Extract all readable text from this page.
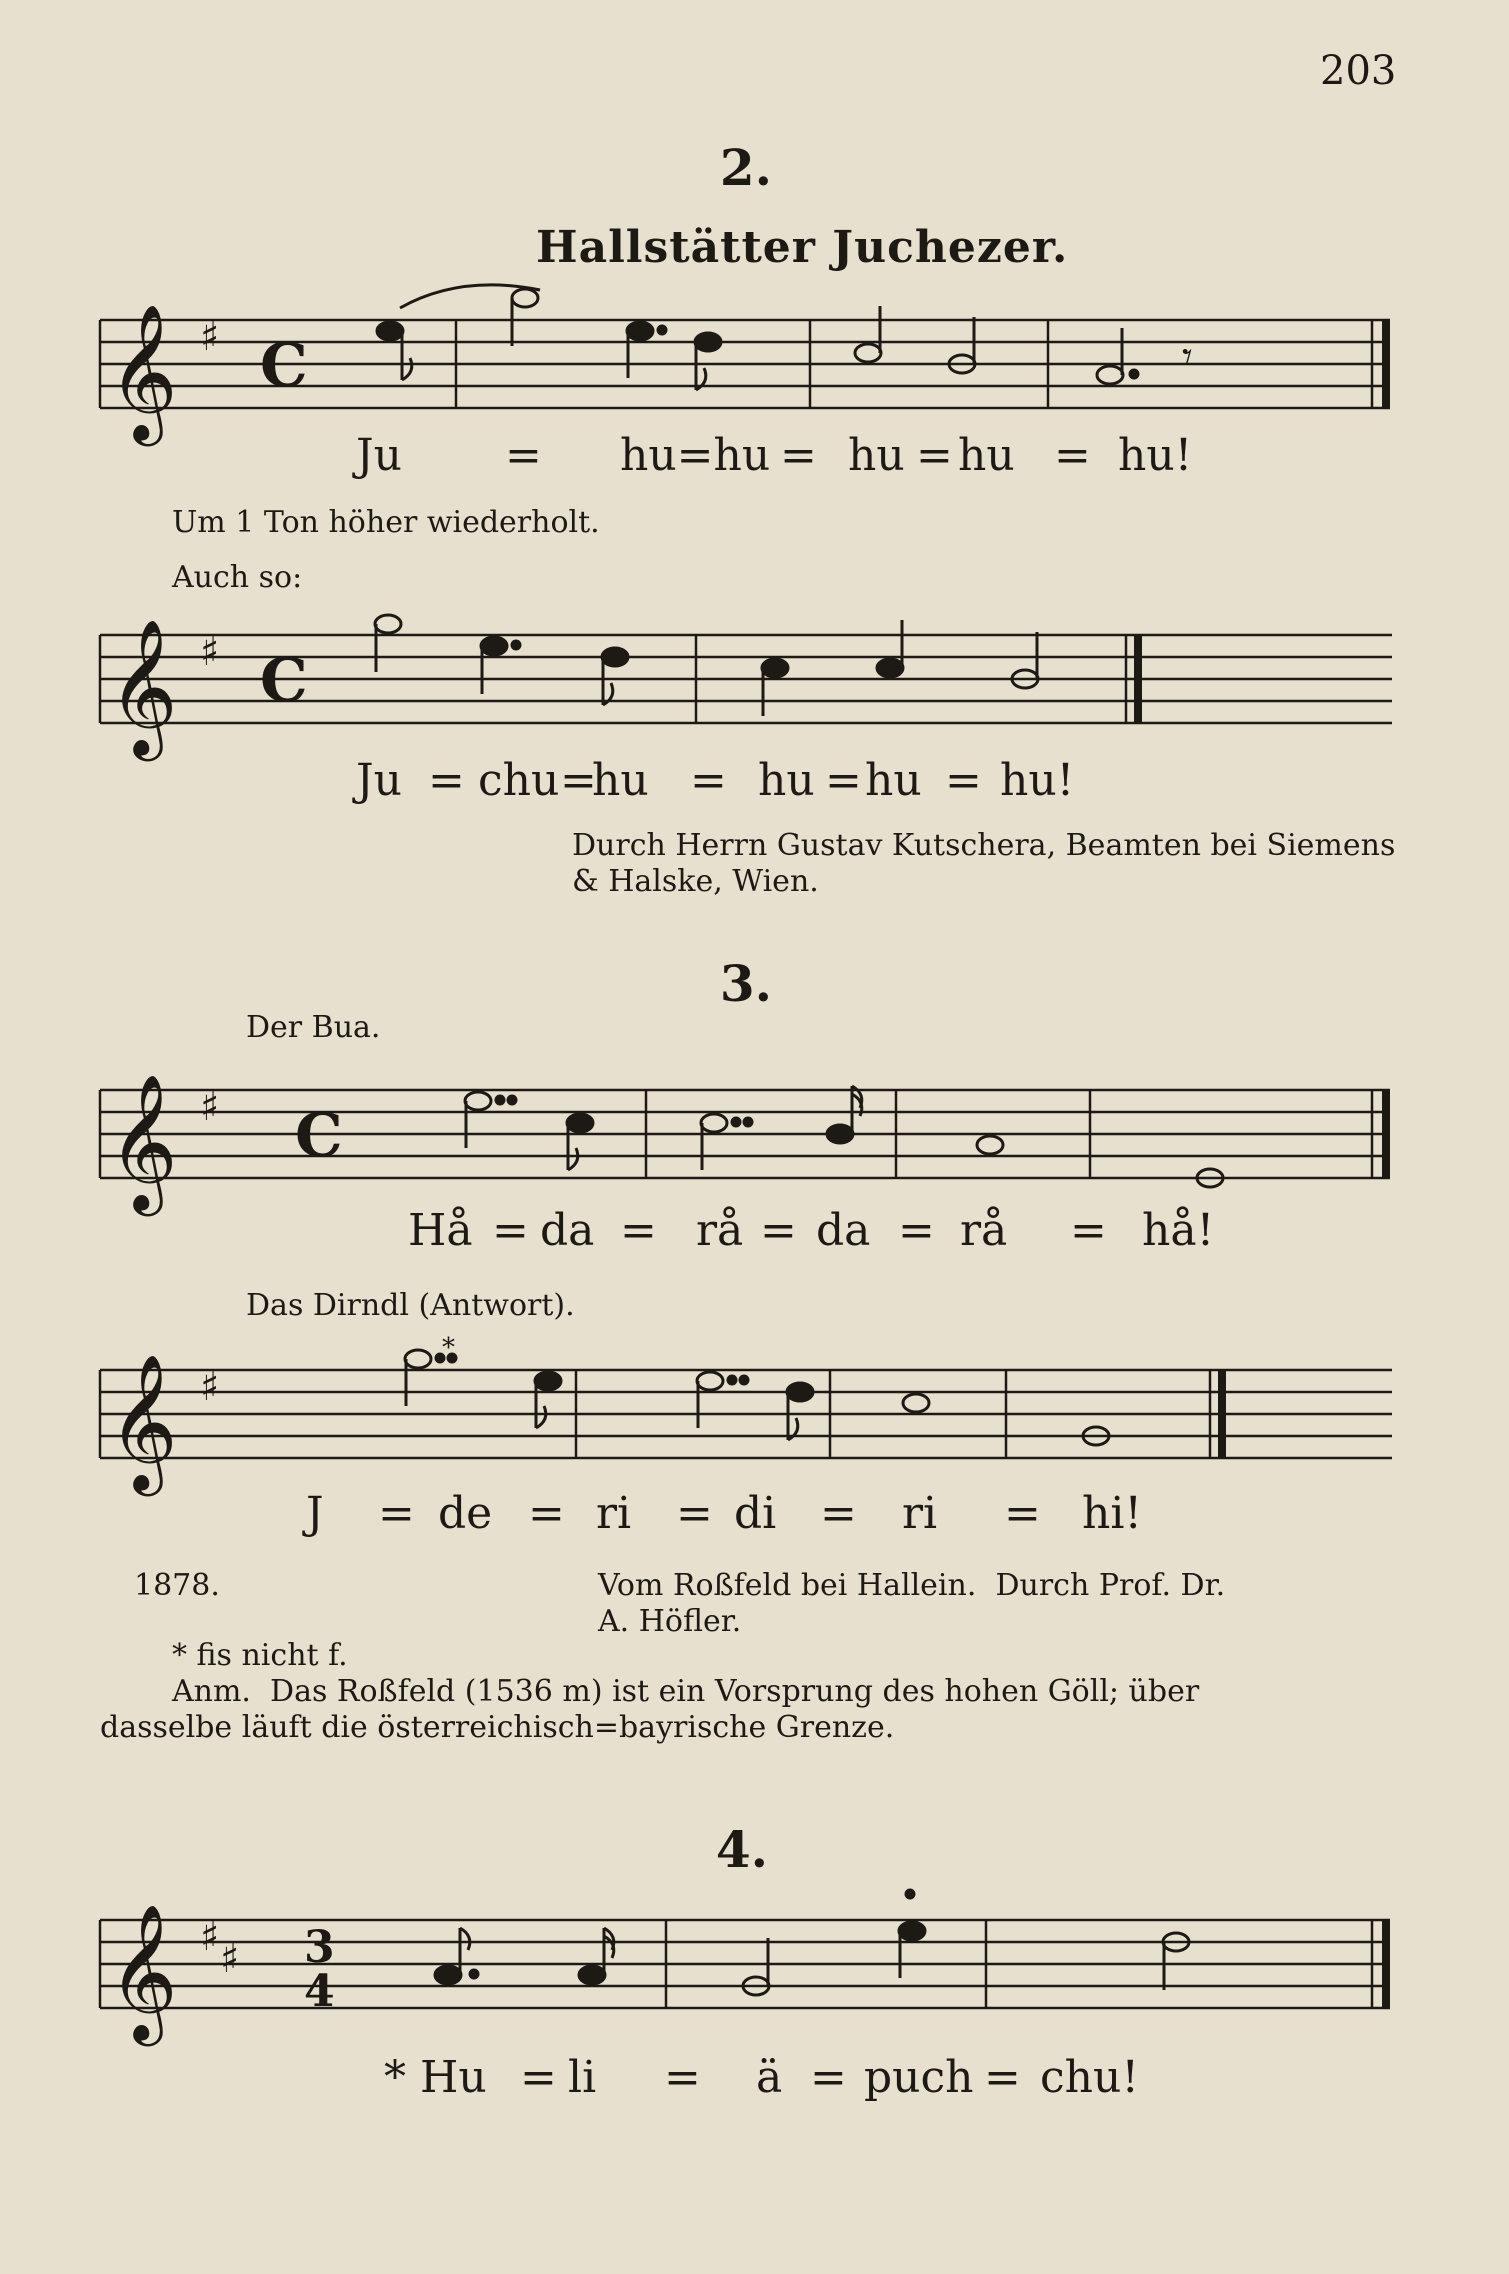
203
2.
Hallstätter Juchezer.
𝄞 ♯ C	𝄾
Ju = hu=hu = hu = hu = hu!
Um 1 Ton höher wiederholt.
Auch so:
𝄞 ♯ C
Ju = chu =
hu = hu = hu = hu!
Durch Herrn Gustav Kutschera, Beamten bei Siemens
& Halske, Wien.
3.
Der Bua.
𝄞 ♯ C
Hå = da = rå = da = rå = hå!
Das Dirndl (Antwort).
𝄞 ♯
*
J = de = ri = di = ri = hi!
1878.	Vom Roßfeld bei Hallein.  Durch Prof. Dr.
A. Höfler.
* fis nicht f.
Anm.  Das Roßfeld (1536 m) ist ein Vorsprung des hohen Göll; über
dasselbe läuft die österreichisch=bayrische Grenze.
4.
𝄞 ♯ ♯ 3
4
* Hu = li = ä = puch = chu!
